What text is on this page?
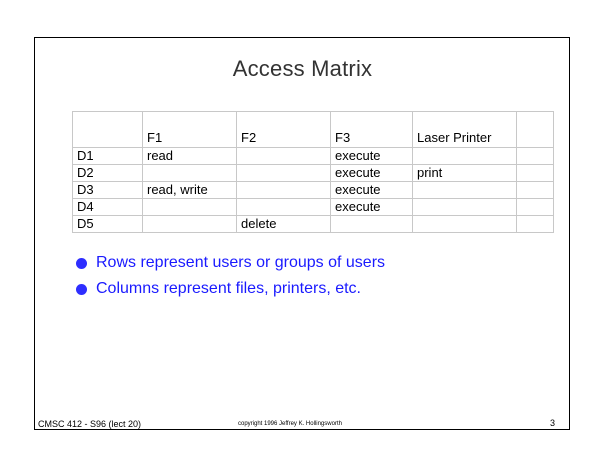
Access Matrix
	F1	F2	F3	Laser Printer	
D1	read		execute		
D2			execute	print	
D3	read, write		execute		
D4			execute		
D5		delete			
Rows represent users or groups of users
Columns represent files, printers, etc.
CMSC 412 - S96 (lect 20)	copyright 1996 Jeffrey K. Hollingsworth	3
